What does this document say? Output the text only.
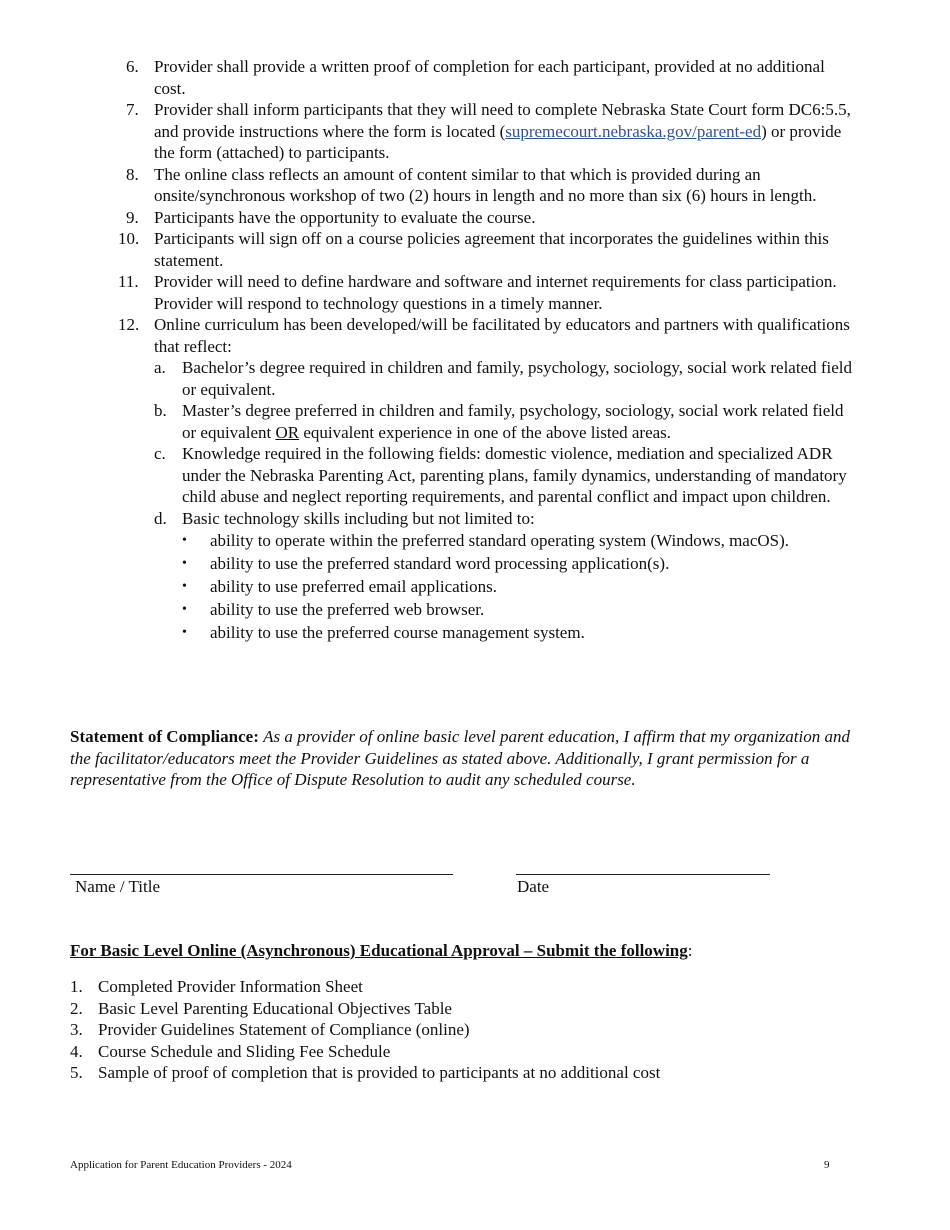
6. Provider shall provide a written proof of completion for each participant, provided at no additional cost.
7. Provider shall inform participants that they will need to complete Nebraska State Court form DC6:5.5, and provide instructions where the form is located (supremecourt.nebraska.gov/parent-ed) or provide the form (attached) to participants.
8. The online class reflects an amount of content similar to that which is provided during an onsite/synchronous workshop of two (2) hours in length and no more than six (6) hours in length.
9. Participants have the opportunity to evaluate the course.
10. Participants will sign off on a course policies agreement that incorporates the guidelines within this statement.
11. Provider will need to define hardware and software and internet requirements for class participation. Provider will respond to technology questions in a timely manner.
12. Online curriculum has been developed/will be facilitated by educators and partners with qualifications that reflect:
a. Bachelor’s degree required in children and family, psychology, sociology, social work related field or equivalent.
b. Master’s degree preferred in children and family, psychology, sociology, social work related field or equivalent OR equivalent experience in one of the above listed areas.
c. Knowledge required in the following fields: domestic violence, mediation and specialized ADR under the Nebraska Parenting Act, parenting plans, family dynamics, understanding of mandatory child abuse and neglect reporting requirements, and parental conflict and impact upon children.
d. Basic technology skills including but not limited to:
•	ability to operate within the preferred standard operating system (Windows, macOS).
•	ability to use the preferred standard word processing application(s).
•	ability to use preferred email applications.
•	ability to use the preferred web browser.
•	ability to use the preferred course management system.
Statement of Compliance: As a provider of online basic level parent education, I affirm that my organization and the facilitator/educators meet the Provider Guidelines as stated above. Additionally, I grant permission for a representative from the Office of Dispute Resolution to audit any scheduled course.
Name / Title	Date
For Basic Level Online (Asynchronous) Educational Approval – Submit the following:
1. Completed Provider Information Sheet
2. Basic Level Parenting Educational Objectives Table
3. Provider Guidelines Statement of Compliance (online)
4. Course Schedule and Sliding Fee Schedule
5. Sample of proof of completion that is provided to participants at no additional cost
Application for Parent Education Providers - 2024	9
